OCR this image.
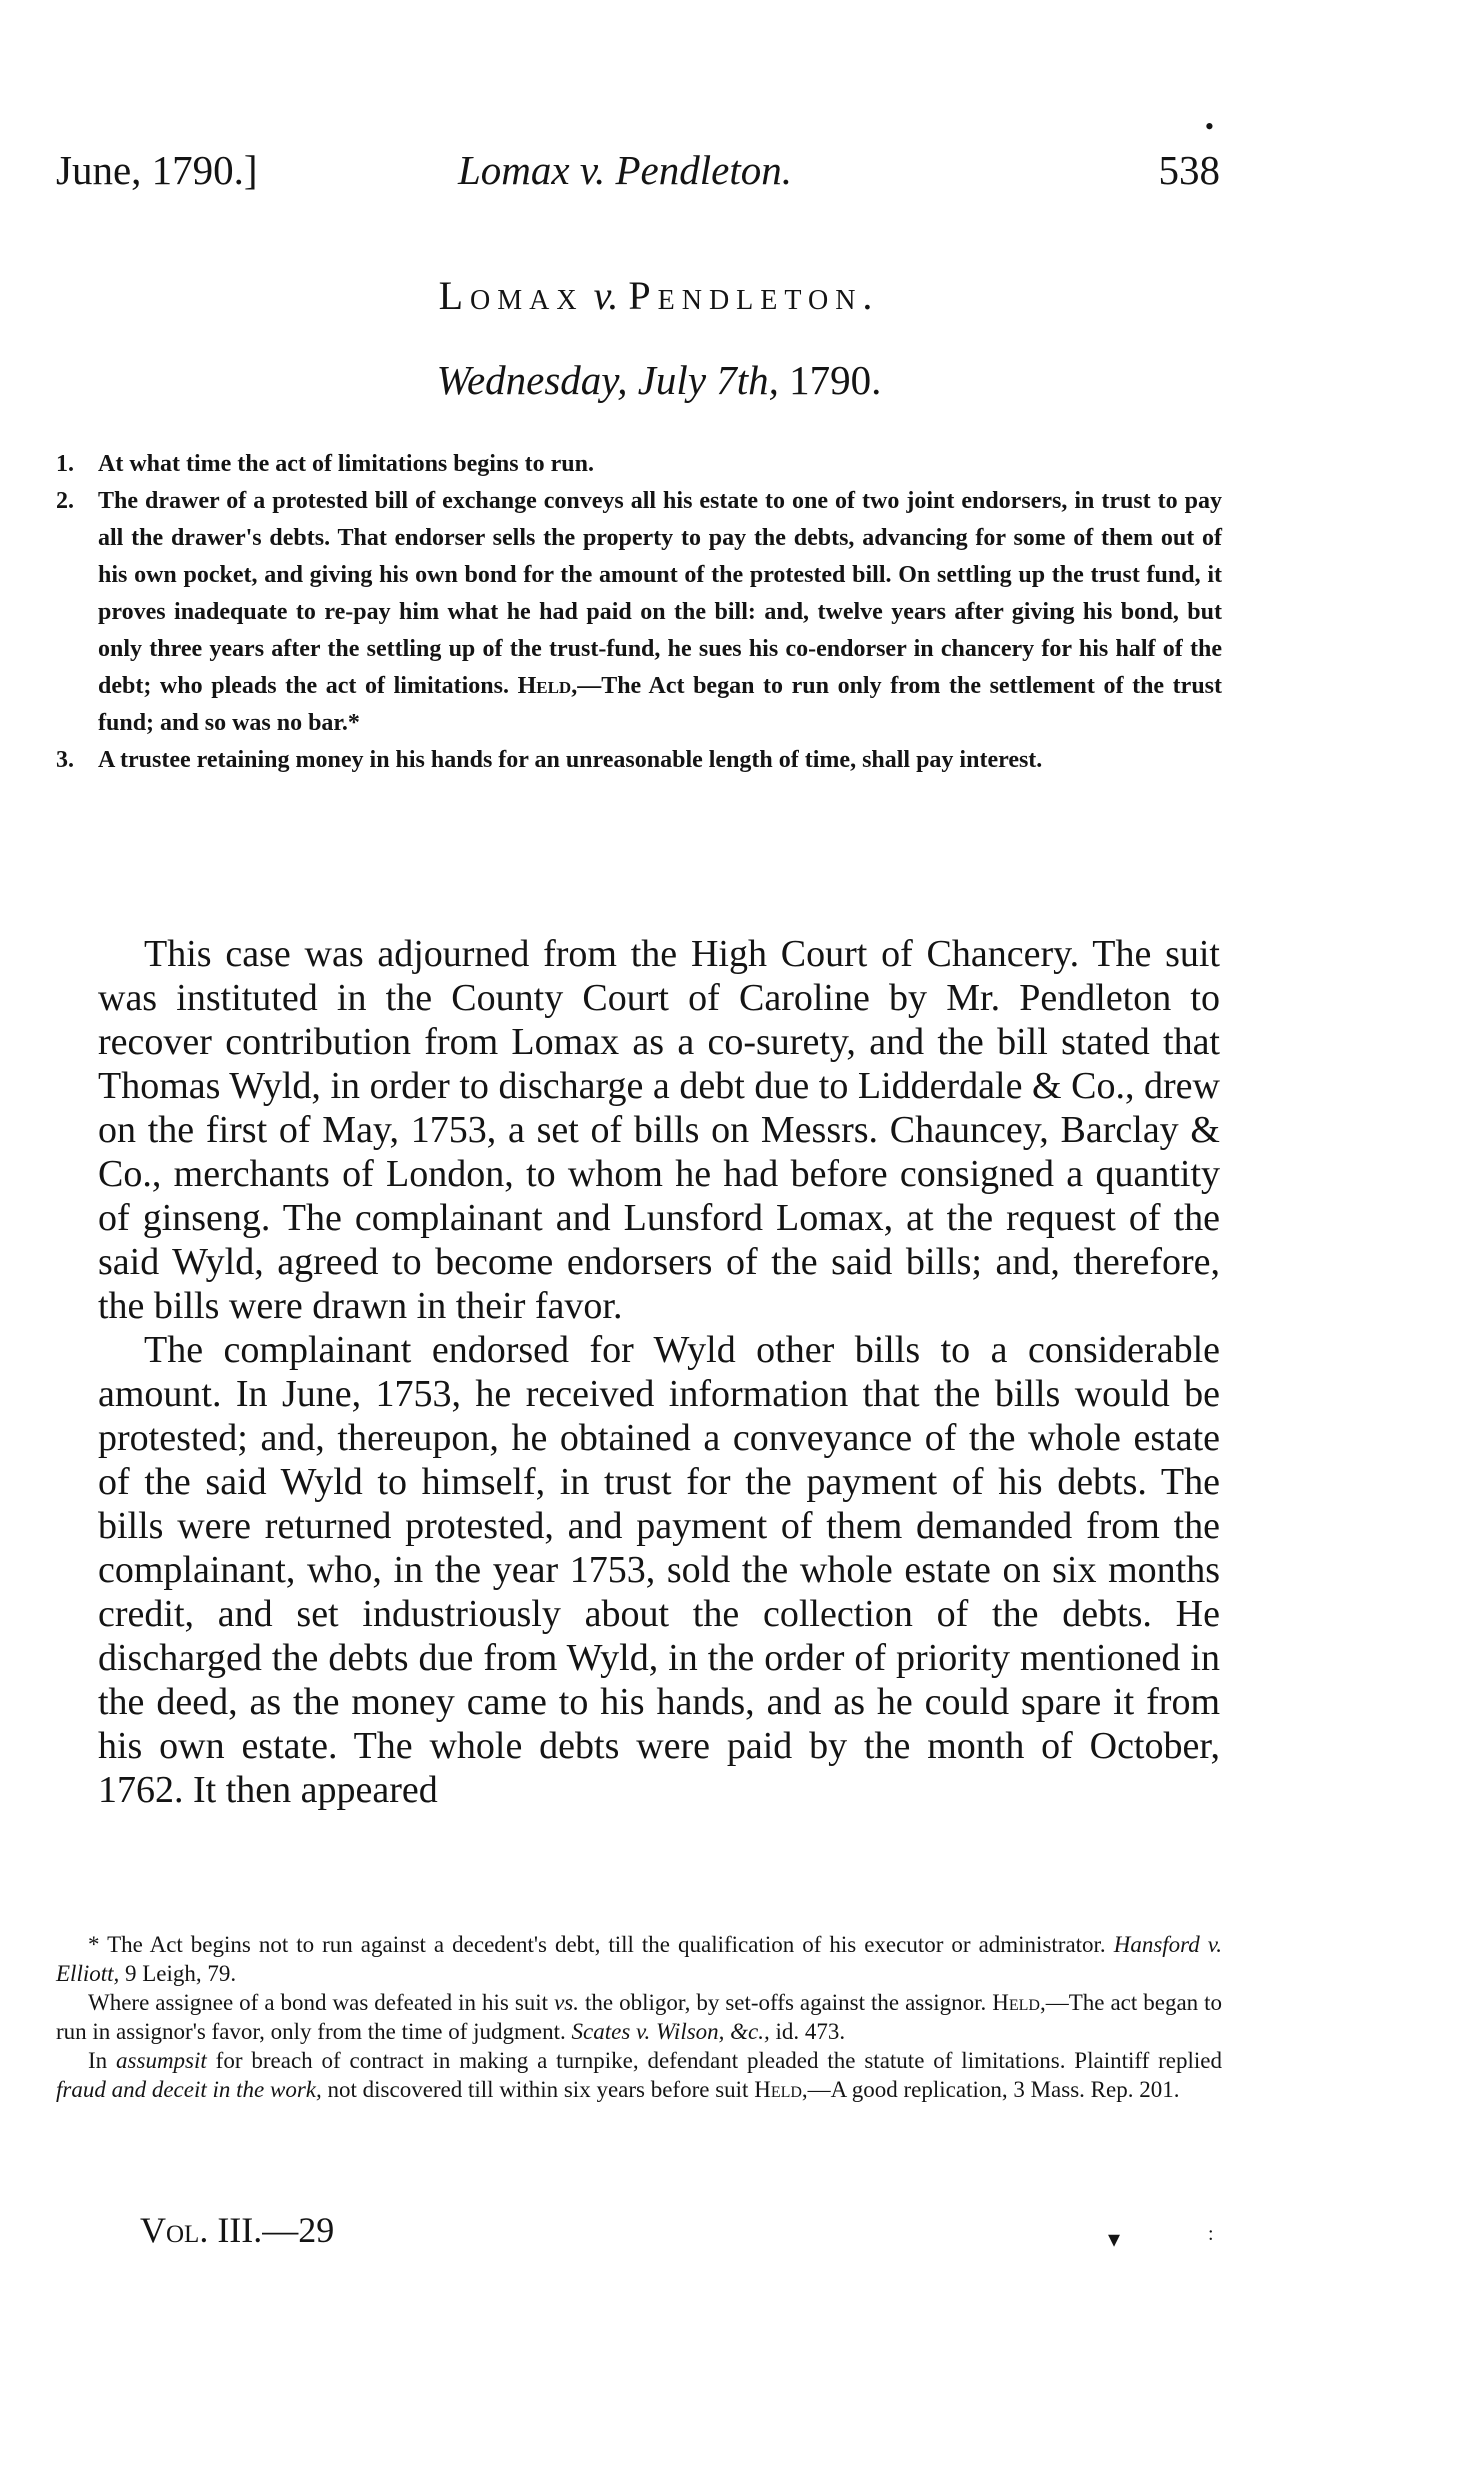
June, 1790.]	Lomax v. Pendleton.	538
•
Lomax v. Pendleton.
Wednesday, July 7th, 1790.

1. At what time the act of limitations begins to run.

2. The drawer of a protested bill of exchange conveys all his estate to one of two joint endorsers, in trust to pay all the drawer's debts. That endorser sells the property to pay the debts, advancing for some of them out of his own pocket, and giving his own bond for the amount of the protested bill. On settling up the trust fund, it proves inadequate to re-pay him what he had paid on the bill: and, twelve years after giving his bond, but only three years after the settling up of the trust-fund, he sues his co-endorser in chancery for his half of the debt; who pleads the act of limitations. Held,—The Act began to run only from the settlement of the trust fund; and so was no bar.*

3. A trustee retaining money in his hands for an unreasonable length of time, shall pay interest.

This case was adjourned from the High Court of Chancery. The suit was instituted in the County Court of Caroline by Mr. Pendleton to recover contribution from Lomax as a co-surety, and the bill stated that Thomas Wyld, in order to discharge a debt due to Lidderdale & Co., drew on the first of May, 1753, a set of bills on Messrs. Chauncey, Barclay & Co., merchants of London, to whom he had before consigned a quantity of ginseng. The complainant and Lunsford Lomax, at the request of the said Wyld, agreed to become endorsers of the said bills; and, therefore, the bills were drawn in their favor.

The complainant endorsed for Wyld other bills to a considerable amount. In June, 1753, he received information that the bills would be protested; and, thereupon, he obtained a conveyance of the whole estate of the said Wyld to himself, in trust for the payment of his debts. The bills were returned protested, and payment of them demanded from the complainant, who, in the year 1753, sold the whole estate on six months credit, and set industriously about the collection of the debts. He discharged the debts due from Wyld, in the order of priority mentioned in the deed, as the money came to his hands, and as he could spare it from his own estate. The whole debts were paid by the month of October, 1762. It then appeared

* The Act begins not to run against a decedent's debt, till the qualification of his executor or administrator. Hansford v. Elliott, 9 Leigh, 79.

Where assignee of a bond was defeated in his suit vs. the obligor, by set-offs against the assignor. Held,—The act began to run in assignor's favor, only from the time of judgment. Scates v. Wilson, &c., id. 473.

In assumpsit for breach of contract in making a turnpike, defendant pleaded the statute of limitations. Plaintiff replied fraud and deceit in the work, not discovered till within six years before suit Held,—A good replication, 3 Mass. Rep. 201.

Vol. III.—29	▾	:
